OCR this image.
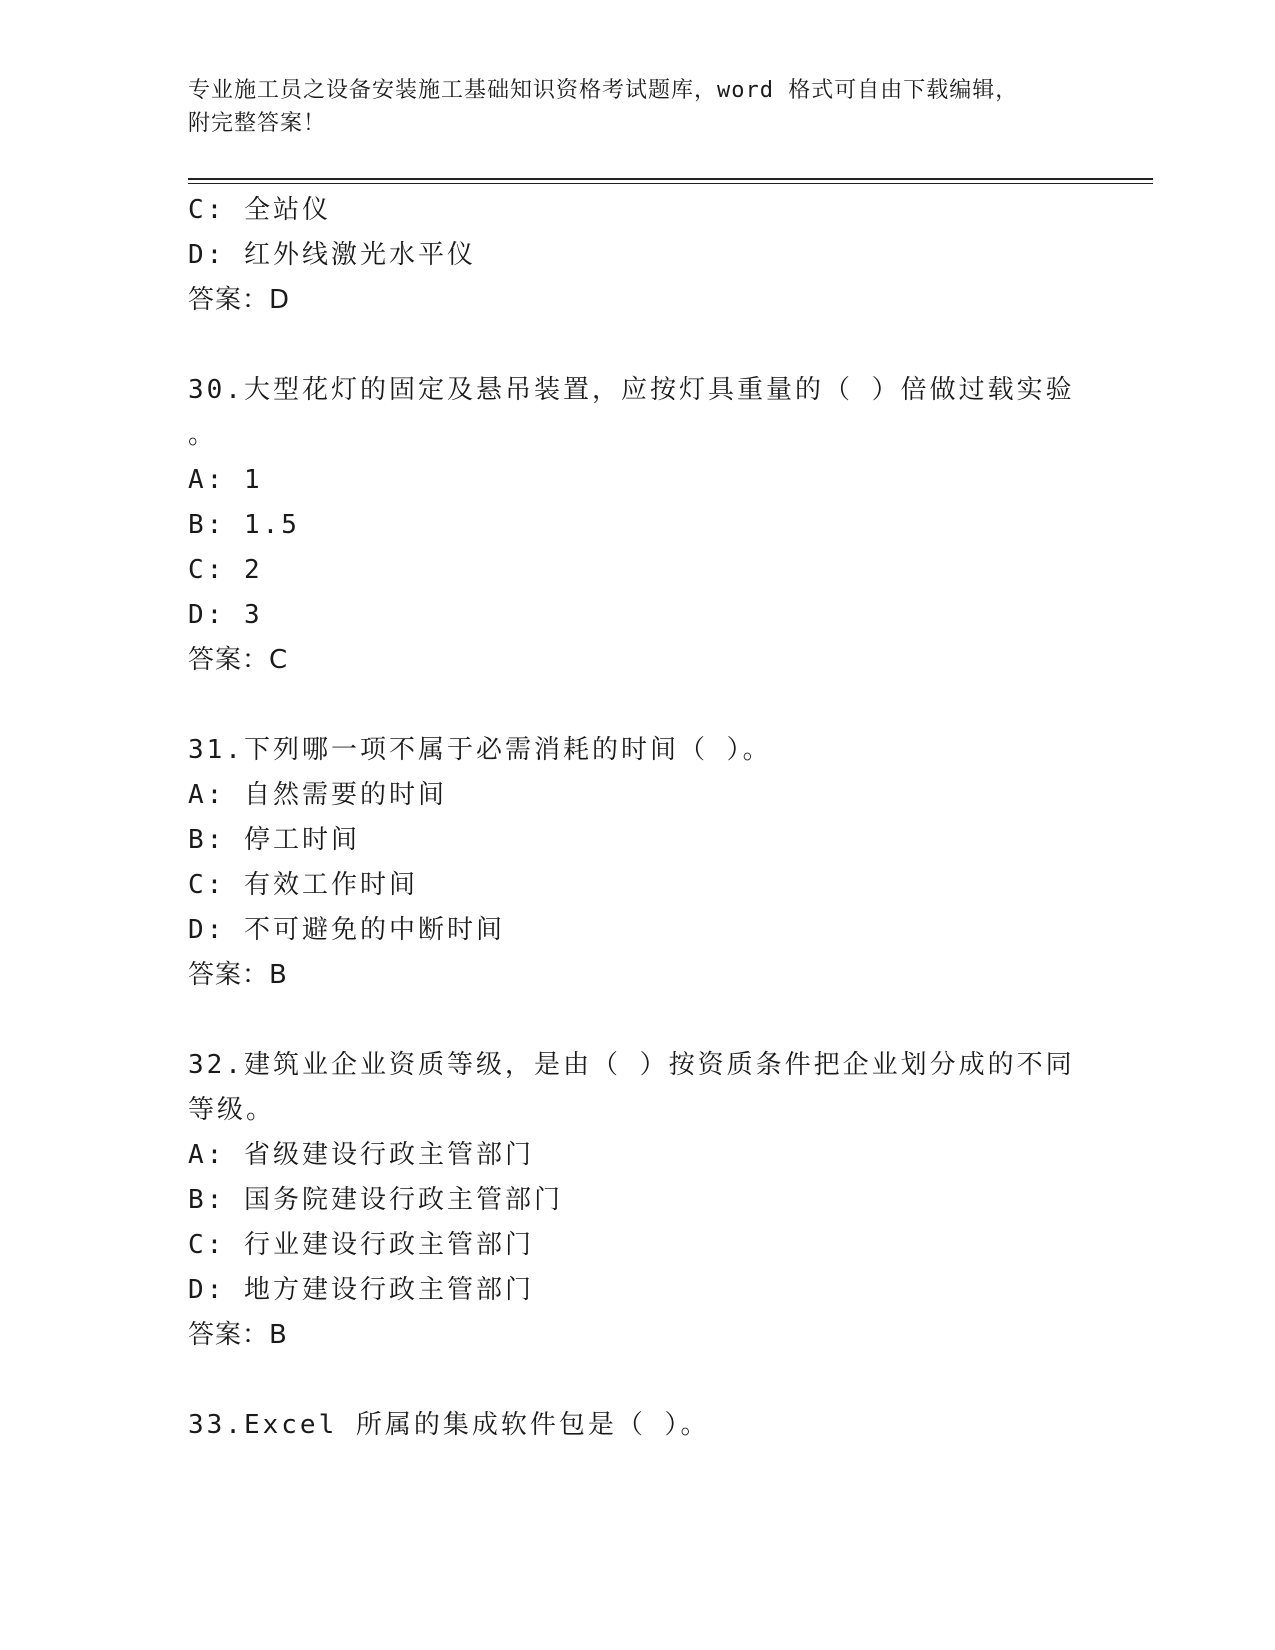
专业施工员之设备安装施工基础知识资格考试题库，word 格式可自由下载编辑，
附完整答案！
C: 全站仪
D: 红外线激光水平仪
答案：D
30.大型花灯的固定及悬吊装置，应按灯具重量的（ ）倍做过载实验
。
A: 1
B: 1.5
C: 2
D: 3
答案：C
31.下列哪一项不属于必需消耗的时间（ ）。
A: 自然需要的时间
B: 停工时间
C: 有效工作时间
D: 不可避免的中断时间
答案：B
32.建筑业企业资质等级，是由（ ）按资质条件把企业划分成的不同
等级。
A: 省级建设行政主管部门
B: 国务院建设行政主管部门
C: 行业建设行政主管部门
D: 地方建设行政主管部门
答案：B
33.Excel 所属的集成软件包是（ ）。
